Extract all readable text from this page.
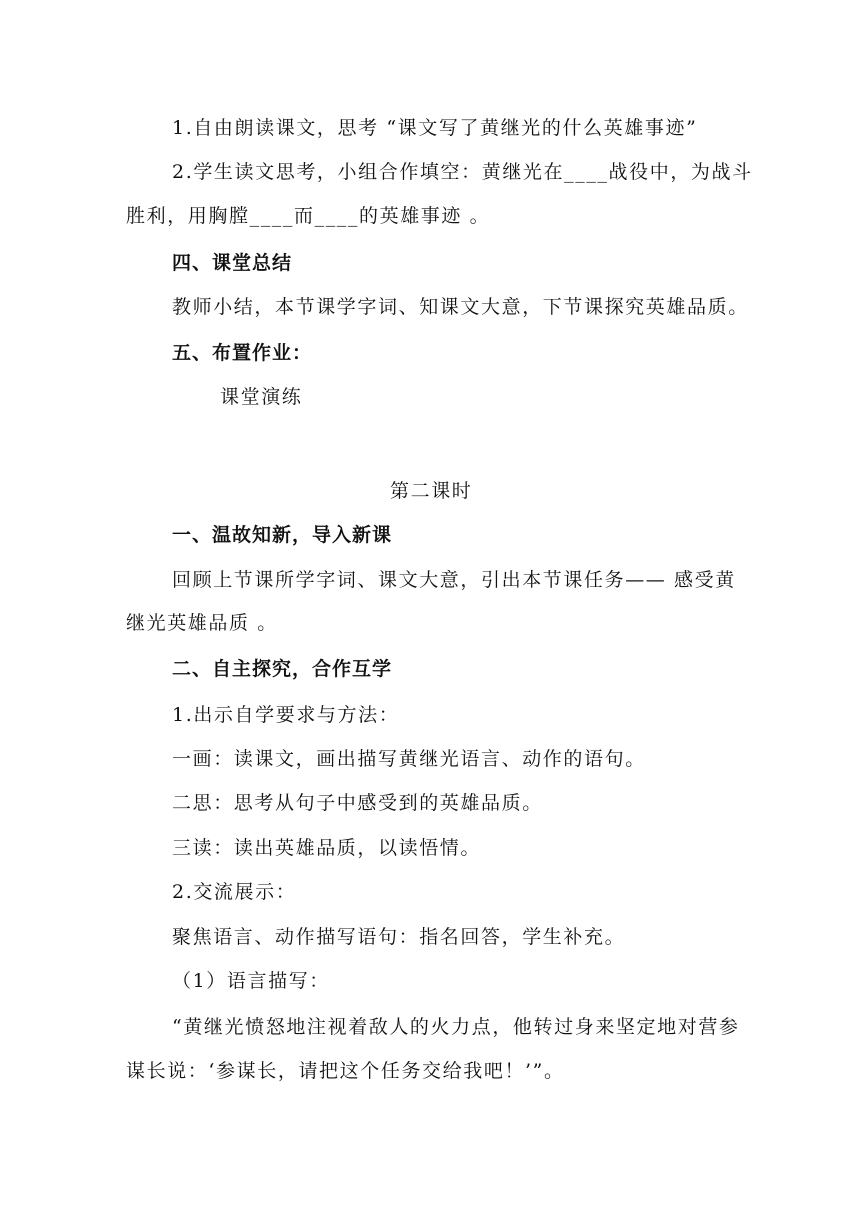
1.自由朗读课文，思考 “课文写了黄继光的什么英雄事迹”
2.学生读文思考，小组合作填空：黄继光在____战役中，为战斗
胜利，用胸膛____而____的英雄事迹 。
四、课堂总结
教师小结，本节课学字词、知课文大意，下节课探究英雄品质。
五、布置作业：
课堂演练
第二课时
一、温故知新，导入新课
回顾上节课所学字词、课文大意，引出本节课任务—— 感受黄
继光英雄品质 。
二、自主探究，合作互学
1.出示自学要求与方法：
一画：读课文，画出描写黄继光语言、动作的语句。
二思：思考从句子中感受到的英雄品质。
三读：读出英雄品质，以读悟情。
2.交流展示：
聚焦语言、动作描写语句：指名回答，学生补充。
（1）语言描写：
“黄继光愤怒地注视着敌人的火力点，他转过身来坚定地对营参
谋长说：‘参谋长，请把这个任务交给我吧！’”。
